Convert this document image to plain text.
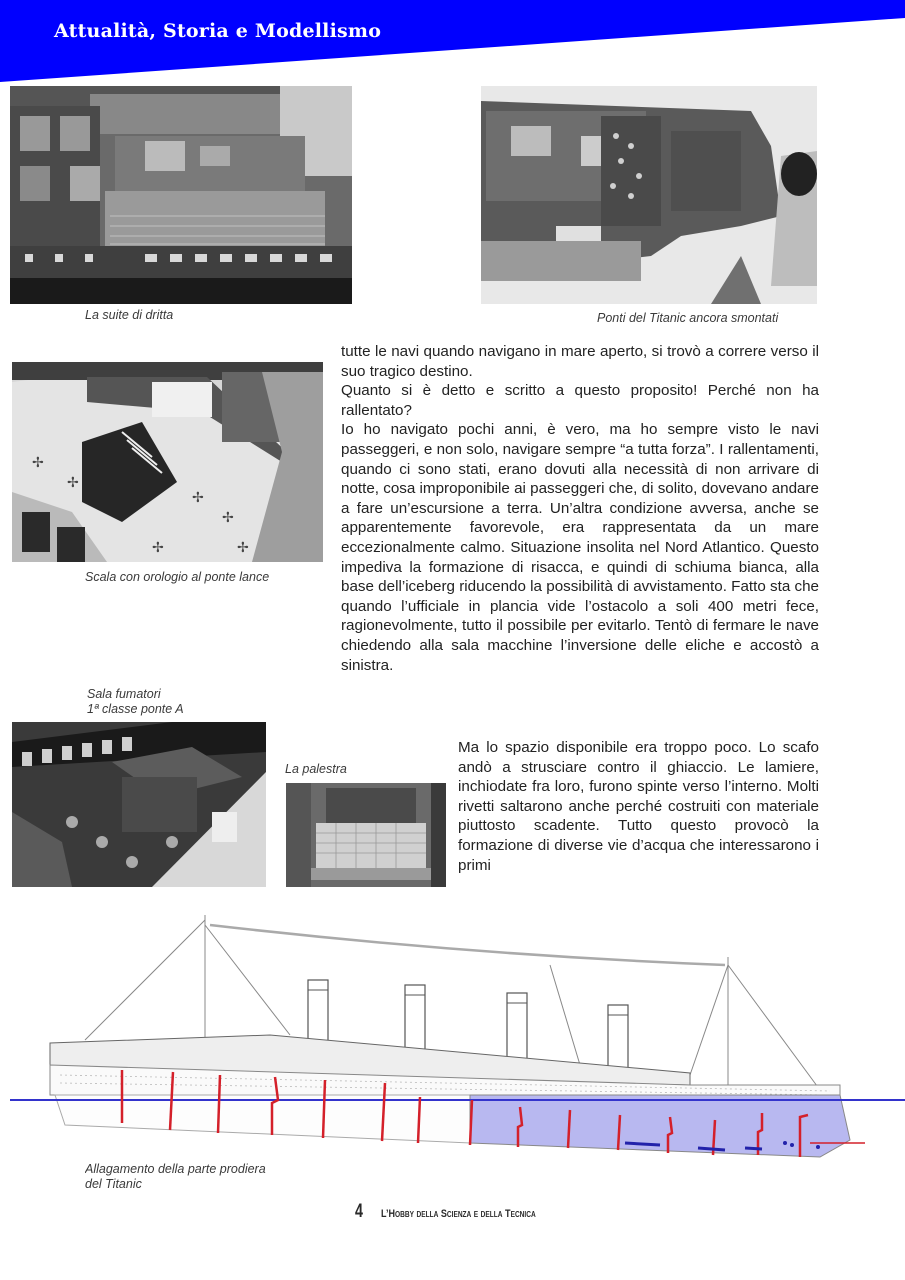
Attualità, Storia e Modellismo
La suite di dritta	Ponti del Titanic ancora smontati
✢
✢
✢
✢
✢	✢
Scala con orologio al ponte lance
Sala fumatori
1ª classe ponte A
La palestra

tutte le navi quando navigano in mare aperto, si trovò a correre verso il suo tragico destino.

Quanto si è detto e scritto a questo proposito! Perché non ha rallentato?

Io ho navigato pochi anni, è vero, ma ho sempre visto le navi passeggeri, e non solo, navigare sempre “a tutta forza”. I rallentamenti, quando ci sono stati, erano dovuti alla necessità di non arrivare di notte, cosa improponibile ai passeggeri che, di solito, dovevano andare a fare un’escursione a terra. Un’altra condizione avversa, anche se apparentemente favorevole, era rappresentata da un mare eccezionalmente calmo. Situazione insolita nel Nord Atlantico. Questo impediva la formazione di risacca, e quindi di schiuma bianca, alla base dell’iceberg riducendo la possibilità di avvistamento. Fatto sta che quando l’ufficiale in plancia vide l’ostacolo a soli 400 metri fece, ragionevolmente, tutto il possibile per evitarlo. Tentò di fermare le nave chiedendo alla sala macchine l’inversione delle eliche e accostò a sinistra.

Ma lo spazio disponibile era troppo poco. Lo scafo andò a strusciare contro il ghiaccio. Le lamiere, inchiodate fra loro, furono spinte verso l’interno. Molti rivetti saltarono anche perché costruiti con materiale piuttosto scadente. Tutto questo provocò la formazione di diverse vie d’acqua che interessarono i primi

Allagamento della parte prodiera
del Titanic
4 L’Hobby della Scienza e della Tecnica
